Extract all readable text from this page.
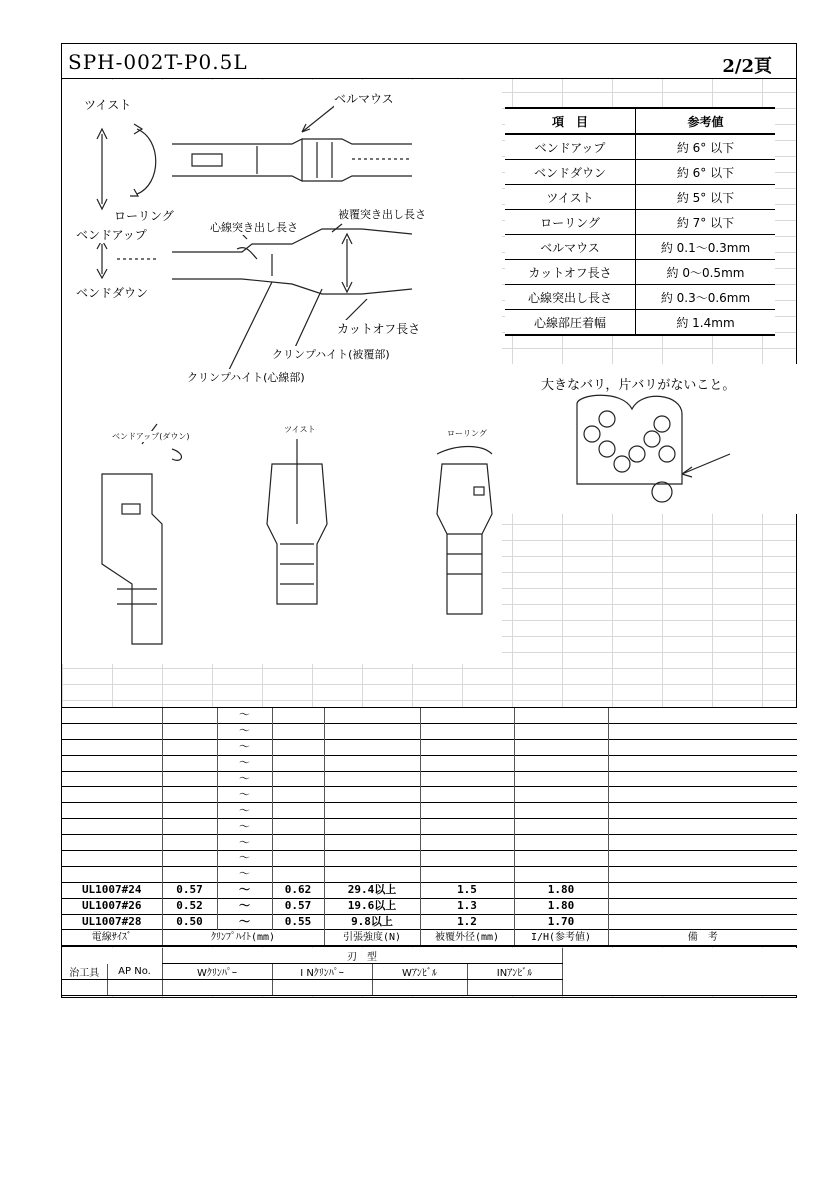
SPH-002T-P0.5L	2/2頁
ツイスト	ベルマウス
ローリング
ベンドアップ
ベンドダウン
心線突き出し長さ
被覆突き出し長さ
カットオフ長さ
クリンプハイト(被覆部)
クリンプハイト(心線部)
大きなバリ，片バリがないこと。
ベンドアップ(ダウン)
ツイスト	ローリング
項　目	参考値
ベンドアップ	約 6° 以下
ベンドダウン	約 6° 以下
ツイスト	約 5° 以下
ローリング	約 7° 以下
ベルマウス	約 0.1～0.3mm
カットオフ長さ	約 0～0.5mm
心線突出し長さ	約 0.3～0.6mm
心線部圧着幅	約 1.4mm
		～					
		～					
		～					
		～					
		～					
		～					
		～					
		～					
		～					
		～					
		～					
UL1007#24	0.57	～	0.62	29.4以上	1.5	1.80	
UL1007#26	0.52	～	0.57	19.6以上	1.3	1.80	
UL1007#28	0.50	～	0.55	9.8以上	1.2	1.70	
電線ｻｲｽﾞ	ｸﾘﾝﾌﾟﾊｲﾄ(mm)			引張強度(N)	被覆外径(mm)	I/H(参考値)	備　考
		刃　型				
治工具	AP No.	Wｸﾘﾝﾊﾟｰ	I Nｸﾘﾝﾊﾟｰ	Wｱﾝﾋﾞﾙ	INｱﾝﾋﾞﾙ	
